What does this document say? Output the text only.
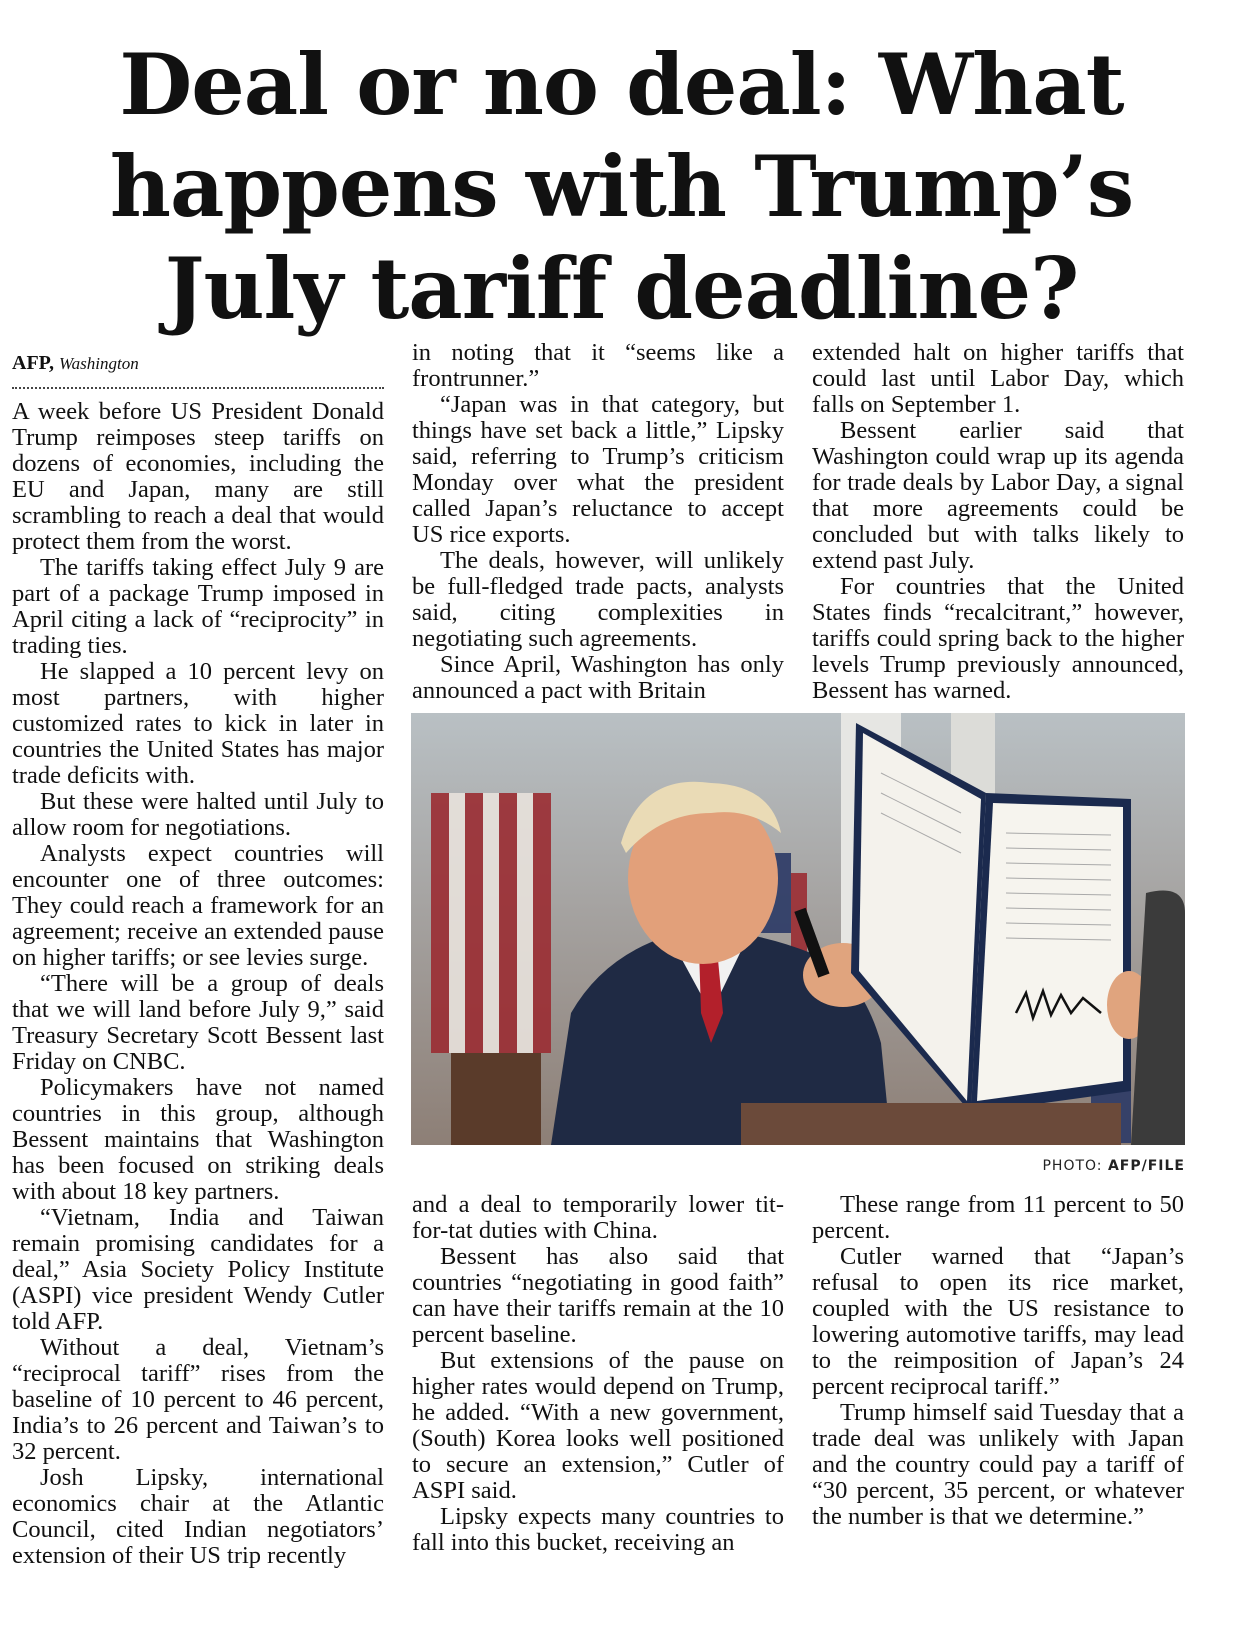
Deal or no deal: What happens with Trump’s July tariff deadline?
AFP, Washington

A week before US President Donald Trump reimposes steep tariffs on dozens of economies, including the EU and Japan, many are still scrambling to reach a deal that would protect them from the worst.

The tariffs taking effect July 9 are part of a package Trump imposed in April citing a lack of “reciprocity” in trading ties.

He slapped a 10 percent levy on most partners, with higher customized rates to kick in later in countries the United States has major trade deficits with.

But these were halted until July to allow room for negotiations.

Analysts expect countries will encounter one of three outcomes: They could reach a framework for an agreement; receive an extended pause on higher tariffs; or see levies surge.

“There will be a group of deals that we will land before July 9,” said Treasury Secretary Scott Bessent last Friday on CNBC.

Policymakers have not named countries in this group, although Bessent maintains that Washington has been focused on striking deals with about 18 key partners.

“Vietnam, India and Taiwan remain promising candidates for a deal,” Asia Society Policy Institute (ASPI) vice president Wendy Cutler told AFP.

Without a deal, Vietnam’s “reciprocal tariff” rises from the baseline of 10 percent to 46 percent, India’s to 26 percent and Taiwan’s to 32 percent.

Josh Lipsky, international economics chair at the Atlantic Council, cited Indian negotiators’ extension of their US trip recently

in noting that it “seems like a frontrunner.”

“Japan was in that category, but things have set back a little,” Lipsky said, referring to Trump’s criticism Monday over what the president called Japan’s reluctance to accept US rice exports.

The deals, however, will unlikely be full-fledged trade pacts, analysts said, citing complexities in negotiating such agreements.

Since April, Washington has only announced a pact with Britain

extended halt on higher tariffs that could last until Labor Day, which falls on September 1.

Bessent earlier said that Washington could wrap up its agenda for trade deals by Labor Day, a signal that more agreements could be concluded but with talks likely to extend past July.

For countries that the United States finds “recalcitrant,” however, tariffs could spring back to the higher levels Trump previously announced, Bessent has warned.

PHOTO: AFP/FILE

and a deal to temporarily lower tit-for-tat duties with China.

Bessent has also said that countries “negotiating in good faith” can have their tariffs remain at the 10 percent baseline.

But extensions of the pause on higher rates would depend on Trump, he added. “With a new government, (South) Korea looks well positioned to secure an extension,” Cutler of ASPI said.

Lipsky expects many countries to fall into this bucket, receiving an

These range from 11 percent to 50 percent.

Cutler warned that “Japan’s refusal to open its rice market, coupled with the US resistance to lowering automotive tariffs, may lead to the reimposition of Japan’s 24 percent reciprocal tariff.”

Trump himself said Tuesday that a trade deal was unlikely with Japan and the country could pay a tariff of “30 percent, 35 percent, or whatever the number is that we determine.”
